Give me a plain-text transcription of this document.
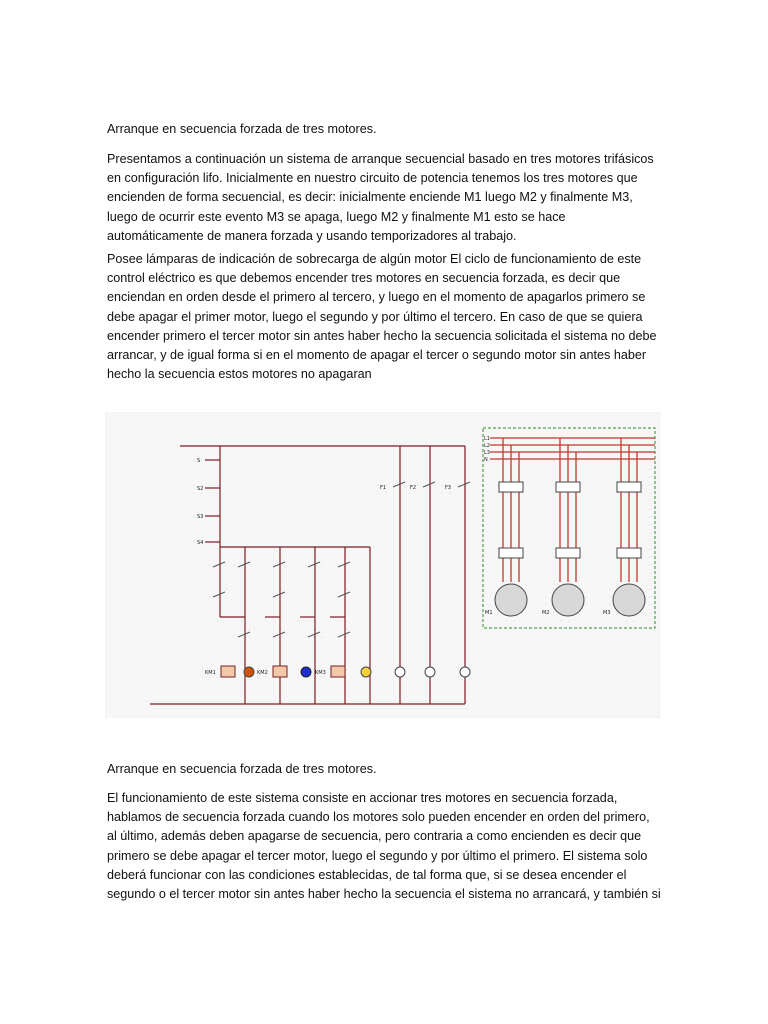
Arranque en secuencia forzada de tres motores.
Presentamos a continuación un sistema de arranque secuencial basado en tres motores trifásicos
en configuración lifo. Inicialmente en nuestro circuito de potencia tenemos los tres motores que
encienden de forma secuencial, es decir: inicialmente enciende M1 luego M2 y finalmente M3,
luego de ocurrir este evento M3 se apaga, luego M2 y finalmente M1 esto se hace
automáticamente de manera forzada y usando temporizadores al trabajo.
Posee lámparas de indicación de sobrecarga de algún motor El ciclo de funcionamiento de este
control eléctrico es que debemos encender tres motores en secuencia forzada, es decir que
enciendan en orden desde el primero al tercero, y luego en el momento de apagarlos primero se
debe apagar el primer motor, luego el segundo y por último el tercero. En caso de que se quiera
encender primero el tercer motor sin antes haber hecho la secuencia solicitada el sistema no debe
arrancar, y de igual forma si en el momento de apagar el tercer o segundo motor sin antes haber
hecho la secuencia estos motores no apagaran
S
S2
S3
S4
KM1	KM2	KM3
F1	F2	F3
L1
L2
L3
N
M1	M2	M3
Arranque en secuencia forzada de tres motores.
El funcionamiento de este sistema consiste en accionar tres motores en secuencia forzada,
hablamos de secuencia forzada cuando los motores solo pueden encender en orden del primero,
al último, además deben apagarse de secuencia, pero contraria a como encienden es decir que
primero se debe apagar el tercer motor, luego el segundo y por último el primero. El sistema solo
deberá funcionar con las condiciones establecidas, de tal forma que, si se desea encender el
segundo o el tercer motor sin antes haber hecho la secuencia el sistema no arrancará, y también si
